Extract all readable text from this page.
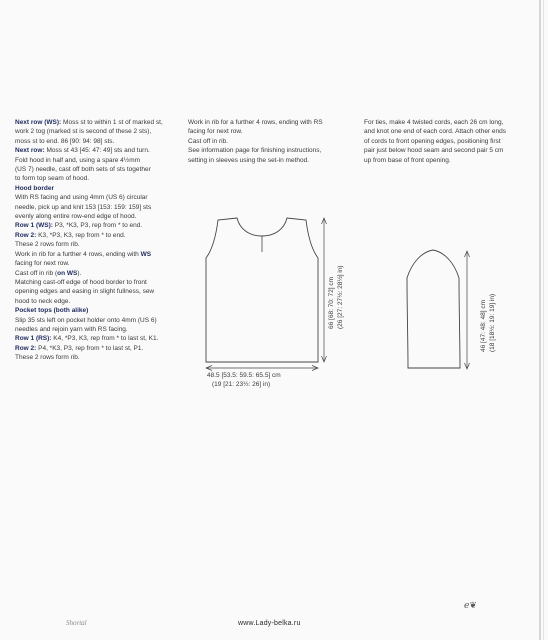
Next row (WS): Moss st to within 1 st of marked st,
work 2 tog (marked st is second of these 2 sts),
moss st to end. 86 [90: 94: 98] sts.

Next row: Moss st 43 [45: 47: 49] sts and turn.
Fold hood in half and, using a spare 4½mm
(US 7) needle, cast off both sets of sts together
to form top seam of hood.

Hood border

With RS facing and using 4mm (US 6) circular
needle, pick up and knit 153 [153: 159: 159] sts
evenly along entire row-end edge of hood.

Row 1 (WS): P3, *K3, P3, rep from * to end.

Row 2: K3, *P3, K3, rep from * to end.

These 2 rows form rib.

Work in rib for a further 4 rows, ending with WS
facing for next row.

Cast off in rib (on WS).

Matching cast-off edge of hood border to front
opening edges and easing in slight fullness, sew
hood to neck edge.

Pocket tops (both alike)

Slip 35 sts left on pocket holder onto 4mm (US 6)
needles and rejoin yarn with RS facing.

Row 1 (RS): K4, *P3, K3, rep from * to last st, K1.

Row 2: P4, *K3, P3, rep from * to last st, P1.

These 2 rows form rib.

Work in rib for a further 4 rows, ending with RS

facing for next row.

Cast off in rib.

See information page for finishing instructions,

setting in sleeves using the set-in method.

For ties, make 4 twisted cords, each 26 cm long,

and knot one end of each cord. Attach other ends

of cords to front opening edges, positioning first

pair just below hood seam and second pair 5 cm

up from base of front opening.

66 [68: 70: 72] cm (26 [27: 27½: 28½] in)
48.5 [53.5: 59.5: 65.5] cm
(19 [21: 23½: 26] in)
46 [47: 48: 48] cm (18 [18½: 19: 19] in)
Shortal	www.Lady-belka.ru
ℯ❦
